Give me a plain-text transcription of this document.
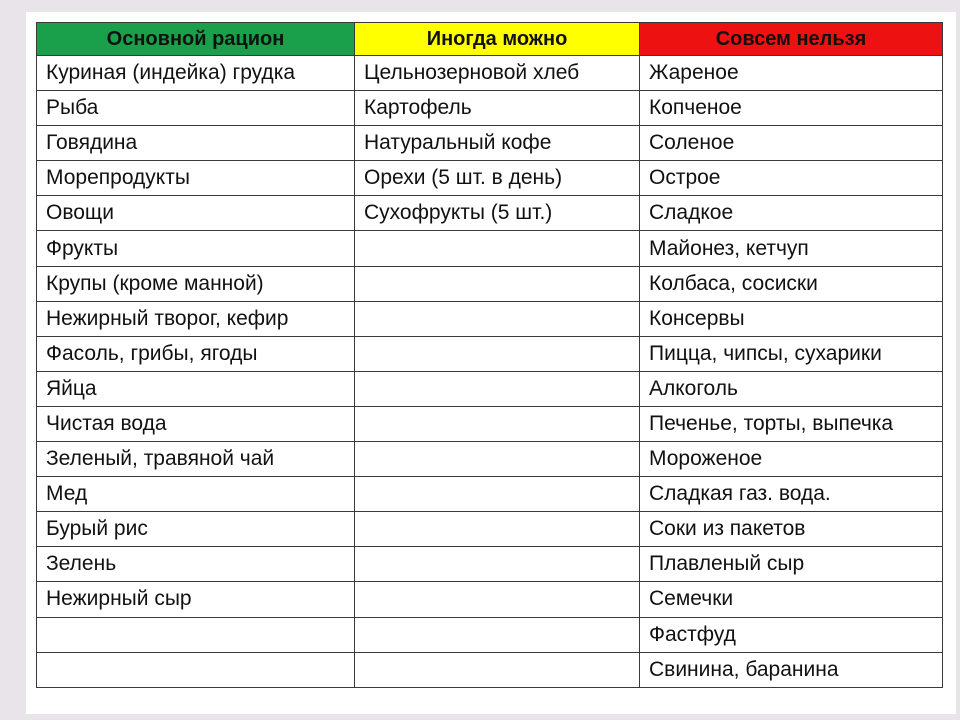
Основной рацион	Иногда можно	Совсем нельзя
Куриная (индейка) грудка	Цельнозерновой хлеб	Жареное
Рыба	Картофель	Копченое
Говядина	Натуральный кофе	Соленое
Морепродукты	Орехи (5 шт. в день)	Острое
Овощи	Сухофрукты (5 шт.)	Сладкое
Фрукты		Майонез, кетчуп
Крупы (кроме манной)		Колбаса, сосиски
Нежирный творог, кефир		Консервы
Фасоль, грибы, ягоды		Пицца, чипсы, сухарики
Яйца		Алкоголь
Чистая вода		Печенье, торты, выпечка
Зеленый, травяной чай		Мороженое
Мед		Сладкая газ. вода.
Бурый рис		Соки из пакетов
Зелень		Плавленый сыр
Нежирный сыр		Семечки
		Фастфуд
		Свинина, баранина
